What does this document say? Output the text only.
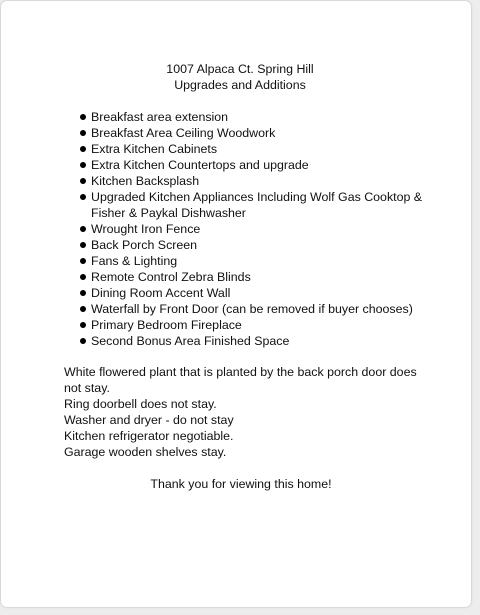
1007 Alpaca Ct. Spring Hill
Upgrades and Additions
Breakfast area extension
Breakfast Area Ceiling Woodwork
Extra Kitchen Cabinets
Extra Kitchen Countertops and upgrade
Kitchen Backsplash
Upgraded Kitchen Appliances Including Wolf Gas Cooktop & Fisher & Paykal Dishwasher
Wrought Iron Fence
Back Porch Screen
Fans & Lighting
Remote Control Zebra Blinds
Dining Room Accent Wall
Waterfall by Front Door (can be removed if buyer chooses)
Primary Bedroom Fireplace
Second Bonus Area Finished Space
White flowered plant that is planted by the back porch door does not stay.
Ring doorbell does not stay.
Washer and dryer - do not stay
Kitchen refrigerator negotiable.
Garage wooden shelves stay.
Thank you for viewing this home!
